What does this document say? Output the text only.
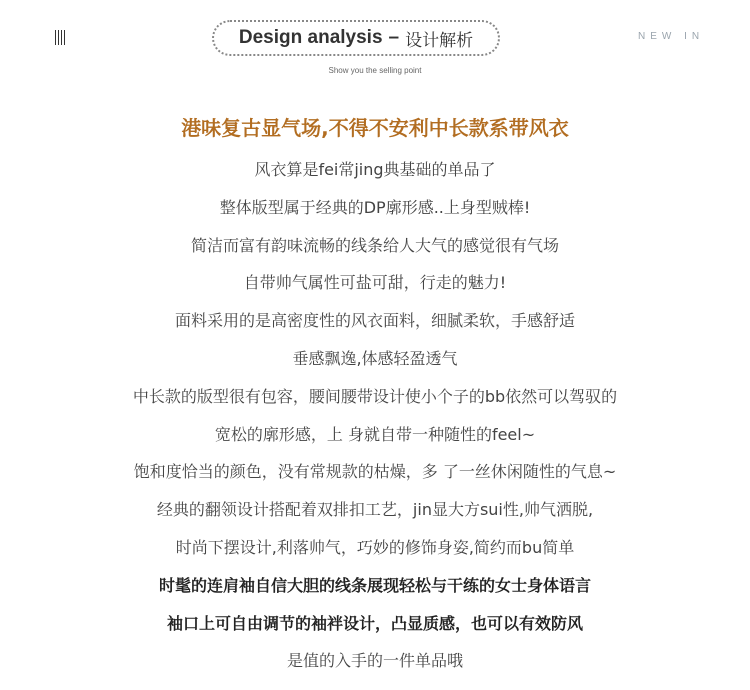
Design analysis – 设计解析
Show you the selling point
NEW IN
港味复古显气场,不得不安利中长款系带风衣
风衣算是fei常jing典基础的单品了
整体版型属于经典的DP廓形感..上身型贼棒!
简洁而富有韵味流畅的线条给人大气的感觉很有气场
自带帅气属性可盐可甜，行走的魅力!
面料采用的是高密度性的风衣面料，细腻柔软，手感舒适
垂感飘逸,体感轻盈透气
中长款的版型很有包容，腰间腰带设计使小个子的bb依然可以驾驭的
宽松的廓形感，上 身就自带一种随性的feel~
饱和度恰当的颜色，没有常规款的枯燥，多 了一丝休闲随性的气息~
经典的翻领设计搭配着双排扣工艺，jin显大方sui性,帅气洒脱,
时尚下摆设计,利落帅气，巧妙的修饰身姿,简约而bu简单
时髦的连肩袖自信大胆的线条展现轻松与干练的女士身体语言
袖口上可自由调节的袖袢设计，凸显质感，也可以有效防风
是值的入手的一件单品哦
